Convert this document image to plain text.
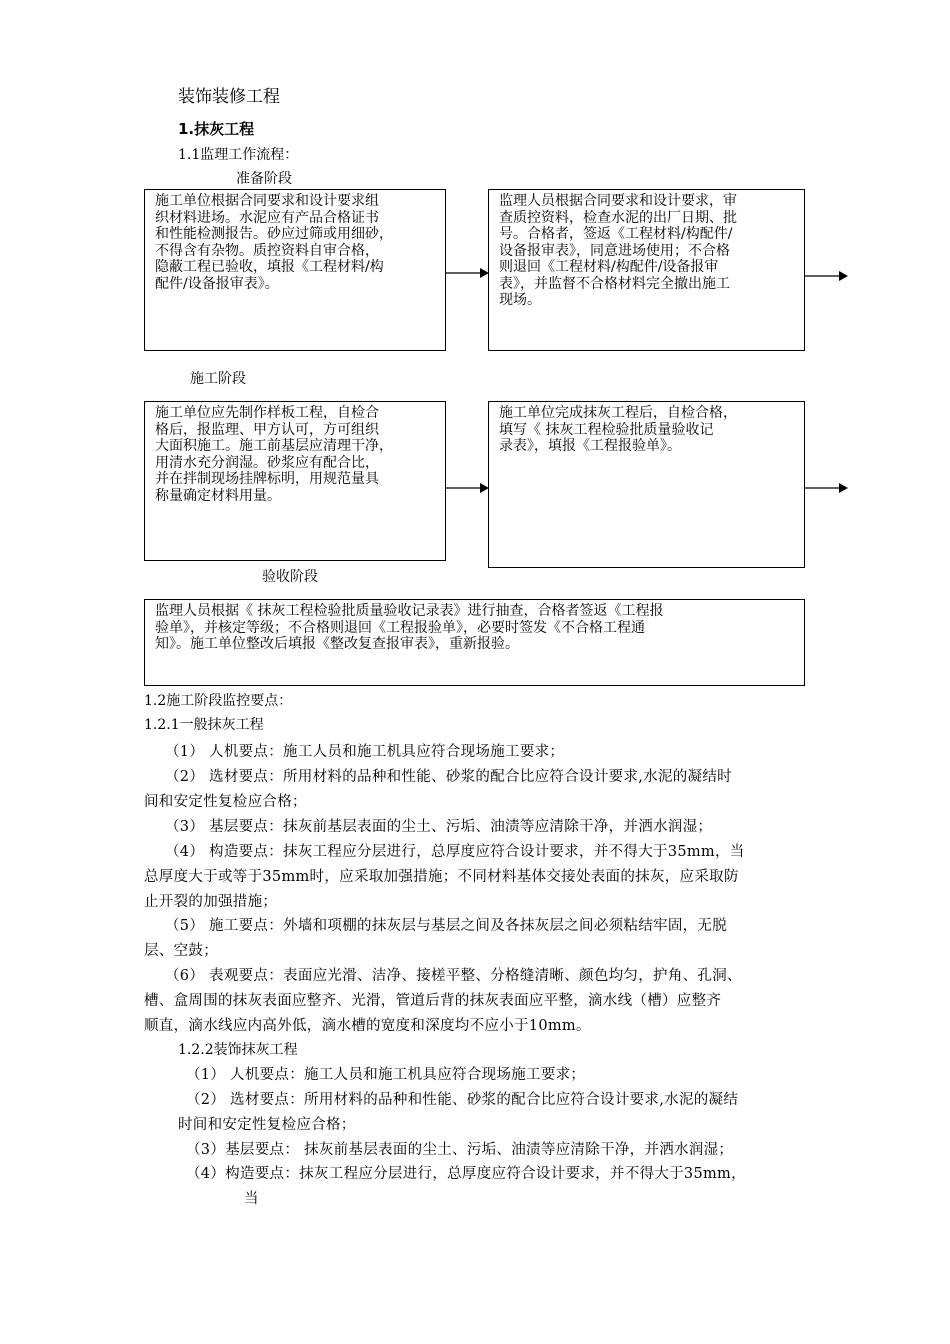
装饰装修工程
1.抹灰工程
1.1监理工作流程：
准备阶段

施工单位根据合同要求和设计要求组

织材料进场。水泥应有产品合格证书

和性能检测报告。砂应过筛或用细砂，

不得含有杂物。质控资料自审合格，

隐蔽工程已验收，填报《工程材料/构

配件/设备报审表》。

监理人员根据合同要求和设计要求，审

查质控资料，检查水泥的出厂日期、批

号。合格者，签返《工程材料/构配件/

设备报审表》，同意进场使用；不合格

则退回《工程材料/构配件/设备报审

表》，并监督不合格材料完全撤出施工

现场。

施工阶段

施工单位应先制作样板工程，自检合

格后，报监理、甲方认可，方可组织

大面积施工。施工前基层应清理干净，

用清水充分润湿。砂浆应有配合比，

并在拌制现场挂牌标明，用规范量具

称量确定材料用量。

施工单位完成抹灰工程后，自检合格，

填写《 抹灰工程检验批质量验收记

录表》，填报《工程报验单》。

验收阶段

监理人员根据《 抹灰工程检验批质量验收记录表》进行抽查，合格者签返《工程报

验单》，并核定等级；不合格则退回《工程报验单》，必要时签发《不合格工程通

知》。施工单位整改后填报《整改复查报审表》，重新报验。

1.2施工阶段监控要点：
1.2.1一般抹灰工程
（1） 人机要点：施工人员和施工机具应符合现场施工要求；
（2） 选材要点：所用材料的品种和性能、砂浆的配合比应符合设计要求,水泥的凝结时
间和安定性复检应合格；
（3） 基层要点：抹灰前基层表面的尘土、污垢、油渍等应清除干净，并洒水润湿；
（4） 构造要点：抹灰工程应分层进行，总厚度应符合设计要求，并不得大于35mm，当
总厚度大于或等于35mm时，应采取加强措施；不同材料基体交接处表面的抹灰，应采取防
止开裂的加强措施；
（5） 施工要点：外墙和项棚的抹灰层与基层之间及各抹灰层之间必须粘结牢固，无脱
层、空鼓；
（6） 表观要点：表面应光滑、洁净、接槎平整、分格缝清晰、颜色均匀，护角、孔洞、
槽、盒周围的抹灰表面应整齐、光滑，管道后背的抹灰表面应平整，滴水线（槽）应整齐
顺直，滴水线应内高外低，滴水槽的宽度和深度均不应小于10mm。
1.2.2装饰抹灰工程
（1） 人机要点：施工人员和施工机具应符合现场施工要求；
（2） 选材要点：所用材料的品种和性能、砂浆的配合比应符合设计要求,水泥的凝结
时间和安定性复检应合格；
（3）基层要点： 抹灰前基层表面的尘土、污垢、油渍等应清除干净，并洒水润湿；
（4）构造要点：抹灰工程应分层进行，总厚度应符合设计要求，并不得大于35mm，
当
